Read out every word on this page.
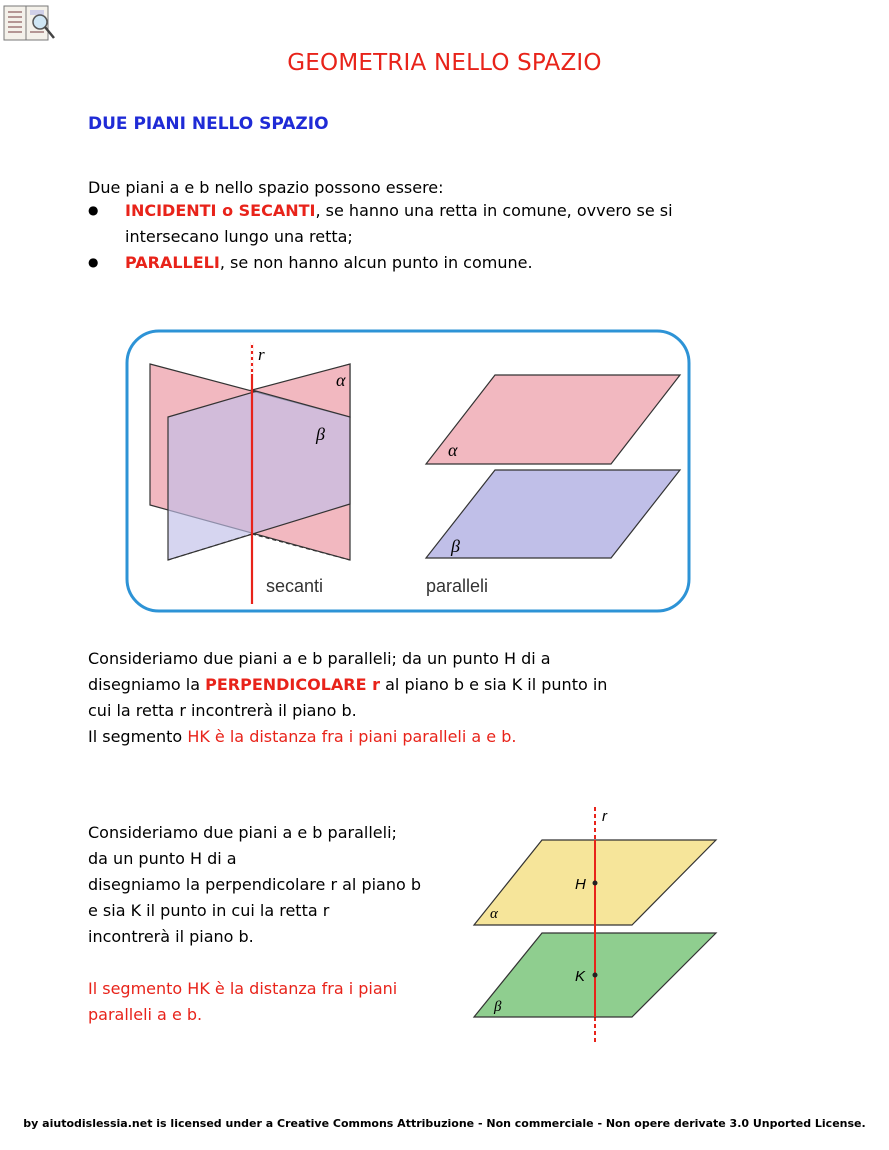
GEOMETRIA NELLO SPAZIO
DUE PIANI NELLO SPAZIO
Due piani a e b nello spazio possono essere:
● INCIDENTI o SECANTI, se hanno una retta in comune, ovvero se si intersecano lungo una retta;
● PARALLELI, se non hanno alcun punto in comune.
r
α
β
secanti
α
β
paralleli
Consideriamo due piani a e b paralleli; da un punto H di a
disegniamo la PERPENDICOLARE r al piano b e sia K il punto in
cui la retta r incontrerà il piano b.
Il segmento HK è la distanza fra i piani paralleli a e b.
Consideriamo due piani a e b paralleli;
da un punto H di a
disegniamo la perpendicolare r al piano b
e sia K il punto in cui la retta r
incontrerà il piano b.
Il segmento HK è la distanza fra i piani
paralleli a e b.
r
H
K
α
β
by aiutodislessia.net is licensed under a Creative Commons Attribuzione - Non commerciale - Non opere derivate 3.0 Unported License.
